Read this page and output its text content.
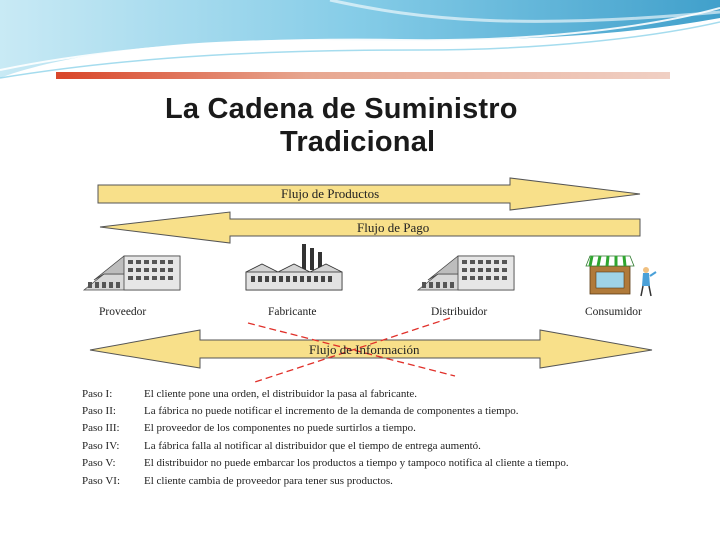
La Cadena de Suministro
Tradicional
Flujo de Productos
Flujo de Pago
Flujo de Información
Proveedor	Fabricante	Distribuidor	Consumidor
Paso I:	El cliente pone una orden, el distribuidor la pasa al fabricante.
Paso II:	La fábrica no puede notificar el incremento de la demanda de componentes a tiempo.
Paso III:	El proveedor de los componentes no puede surtirlos a tiempo.
Paso IV:	La fábrica falla al notificar al distribuidor que el tiempo de entrega aumentó.
Paso V:	El distribuidor no puede embarcar los productos a tiempo y tampoco notifica al cliente a tiempo.
Paso VI:	El cliente cambia de proveedor para tener sus productos.
